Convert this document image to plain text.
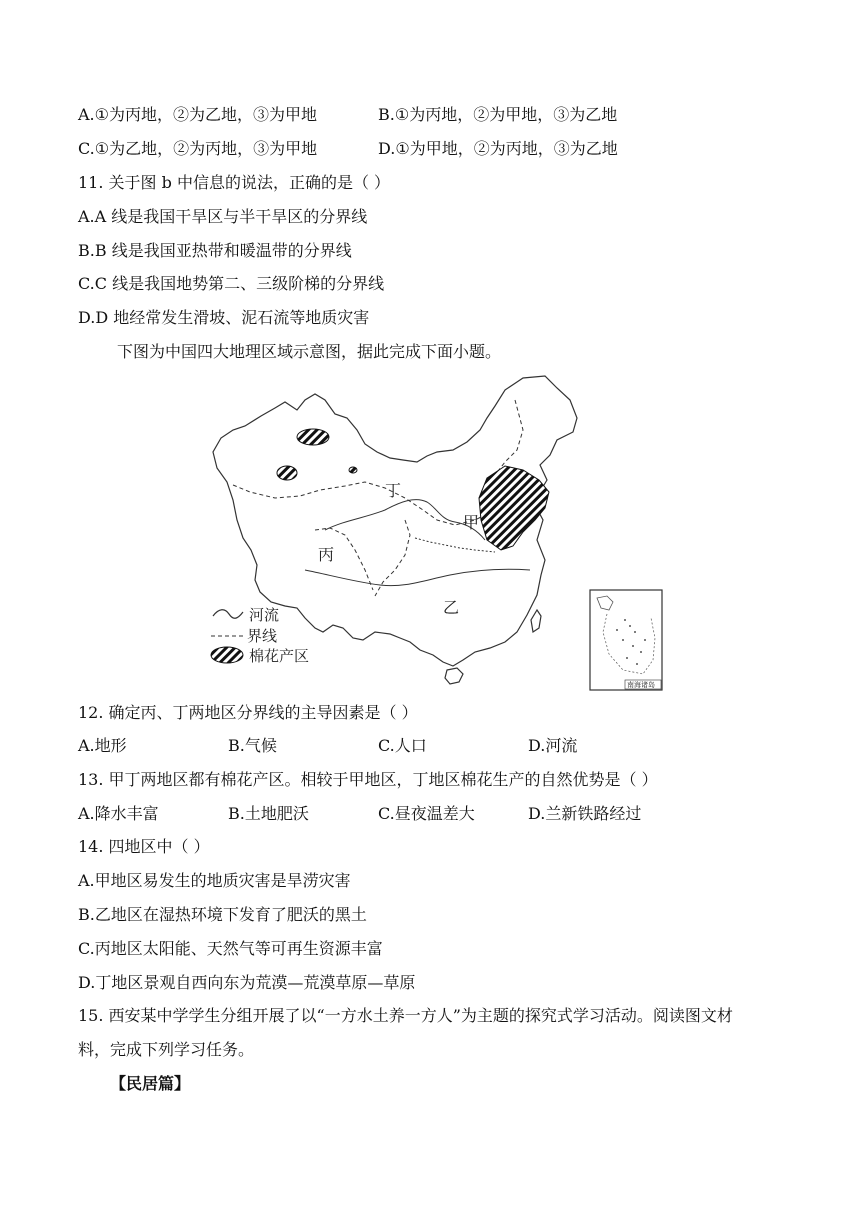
A.①为丙地，②为乙地，③为甲地	B.①为丙地，②为甲地，③为乙地
C.①为乙地，②为丙地，③为甲地	D.①为甲地，②为丙地，③为乙地
11. 关于图 b 中信息的说法，正确的是（ ）
A.A 线是我国干旱区与半干旱区的分界线
B.B 线是我国亚热带和暖温带的分界线
C.C 线是我国地势第二、三级阶梯的分界线
D.D 地经常发生滑坡、泥石流等地质灾害
下图为中国四大地理区域示意图，据此完成下面小题。
丁
甲
丙
乙
河流
界线
棉花产区
南海诸岛
12. 确定丙、丁两地区分界线的主导因素是（ ）
A.地形	B.气候	C.人口	D.河流
13. 甲丁两地区都有棉花产区。相较于甲地区，丁地区棉花生产的自然优势是（ ）
A.降水丰富	B.土地肥沃	C.昼夜温差大	D.兰新铁路经过
14. 四地区中（ ）
A.甲地区易发生的地质灾害是旱涝灾害
B.乙地区在湿热环境下发育了肥沃的黑土
C.丙地区太阳能、天然气等可再生资源丰富
D.丁地区景观自西向东为荒漠—荒漠草原—草原
15. 西安某中学学生分组开展了以“一方水土养一方人”为主题的探究式学习活动。阅读图文材
料，完成下列学习任务。
【民居篇】
